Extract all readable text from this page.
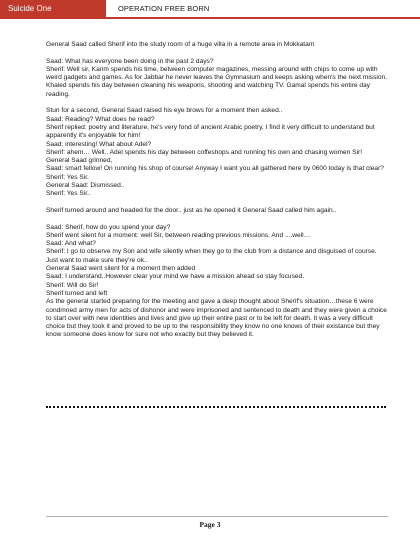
Suicide One	OPERATION FREE BORN

General Saad called Sherif into the study room of a huge villa in a remote area in Mokkatam

Saad: What has everyone been doing in the past 2 days?
Sherif: Well sir, Karim spends his time, between computer magazines, messing around with chips to come up with weird gadgets and games. As for Jabbar he never leaves the Gymnasium and keeps asking when's the next mission. Khaled spends his day between cleaning his weapons, shooting and watching TV. Gamal spends his entire day reading.

Stun for a second, General Saad raised his eye brows for a moment then asked..
Saad: Reading? What does he read?
Sherif replied: poetry and literature, he's very fond of ancient Arabic poetry, I find it very difficult to understand but apparently it's enjoyable for him!
Saad: interesting! What about Adel?
Sherif: ahem… Well.. Adel spends his day between coffeshops and running his own and chasing women Sir!
General Saad grinned,
Saad: smart fellow! On running his shop of course! Anyway I want you all gathered here by 0600 today is that clear?
Sherif: Yes Sir.
General Saad: Dismissed..
Sherif: Yes Sir..

Sherif turned around and headed for the door.. just as he opened it General Saad called him again..

Saad: Sherif, how do you spend your day?
Sherif went silent for a moment: well Sir, between reading previous missions. And ....well…
Saad: And what?
Sherif: I go to observe my Son and wife silently when they go to the club from a distance and disguised of course. Just want to make sure they're ok..
General Saad went silent for a moment then added
Saad: I understand..However clear your mind we have a mission ahead so stay focused.
Sherif: Will do Sir!
Sherif turned and left
As the general started preparing for the meeting and gave a deep thought about Sherif's situation…these 6 were condmned army men for acts of dishonor and were imprisoned and sentenced to death and they were given a choice to start over with new identities and lives and give up their entire past or to be left for death. It was a very difficult choice but they took it and proved to be up to the responsibility they know no one knows of their existance but they know someone does know for sure not who exactly but they believed it.

Page 3
